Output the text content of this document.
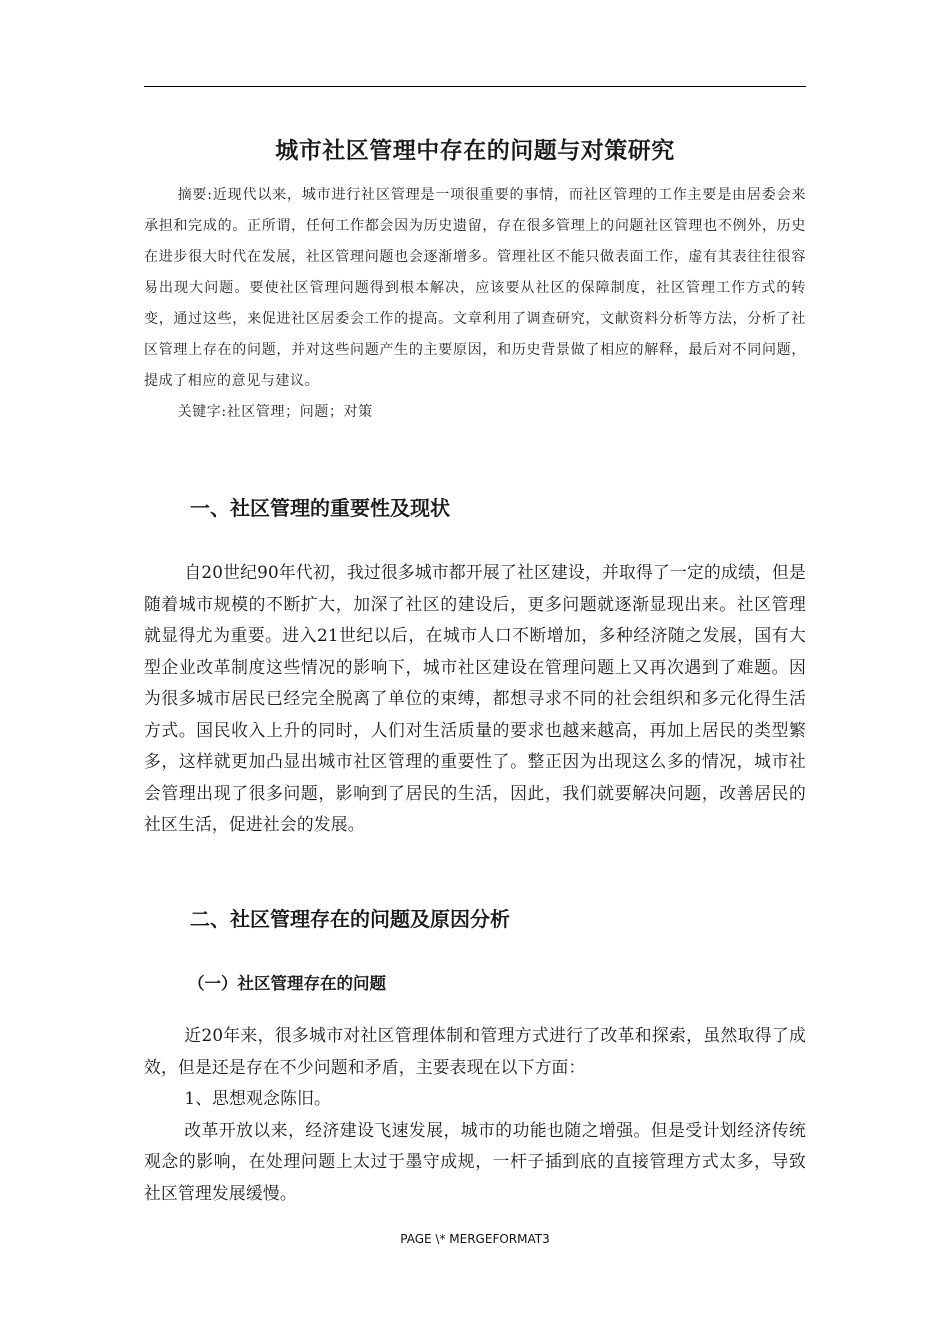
城市社区管理中存在的问题与对策研究

摘要:近现代以来，城市进行社区管理是一项很重要的事情，而社区管理的工作主要是由居委会来承担和完成的。正所谓，任何工作都会因为历史遗留，存在很多管理上的问题社区管理也不例外，历史在进步很大时代在发展，社区管理问题也会逐渐增多。管理社区不能只做表面工作，虚有其表往往很容易出现大问题。要使社区管理问题得到根本解决，应该要从社区的保障制度，社区管理工作方式的转变，通过这些，来促进社区居委会工作的提高。文章利用了调查研究，文献资料分析等方法，分析了社区管理上存在的问题，并对这些问题产生的主要原因，和历史背景做了相应的解释，最后对不同问题，提成了相应的意见与建议。

关键字:社区管理；问题；对策

一、社区管理的重要性及现状

自20世纪90年代初，我过很多城市都开展了社区建设，并取得了一定的成绩，但是随着城市规模的不断扩大，加深了社区的建设后，更多问题就逐渐显现出来。社区管理就显得尤为重要。进入21世纪以后，在城市人口不断增加，多种经济随之发展，国有大型企业改革制度这些情况的影响下，城市社区建设在管理问题上又再次遇到了难题。因为很多城市居民已经完全脱离了单位的束缚，都想寻求不同的社会组织和多元化得生活方式。国民收入上升的同时，人们对生活质量的要求也越来越高，再加上居民的类型繁多，这样就更加凸显出城市社区管理的重要性了。整正因为出现这么多的情况，城市社会管理出现了很多问题，影响到了居民的生活，因此，我们就要解决问题，改善居民的社区生活，促进社会的发展。

二、社区管理存在的问题及原因分析
（一）社区管理存在的问题

近20年来，很多城市对社区管理体制和管理方式进行了改革和探索，虽然取得了成效，但是还是存在不少问题和矛盾，主要表现在以下方面：

1、思想观念陈旧。

改革开放以来，经济建设飞速发展，城市的功能也随之增强。但是受计划经济传统观念的影响，在处理问题上太过于墨守成规，一杆子插到底的直接管理方式太多，导致社区管理发展缓慢。

PAGE \* MERGEFORMAT3
